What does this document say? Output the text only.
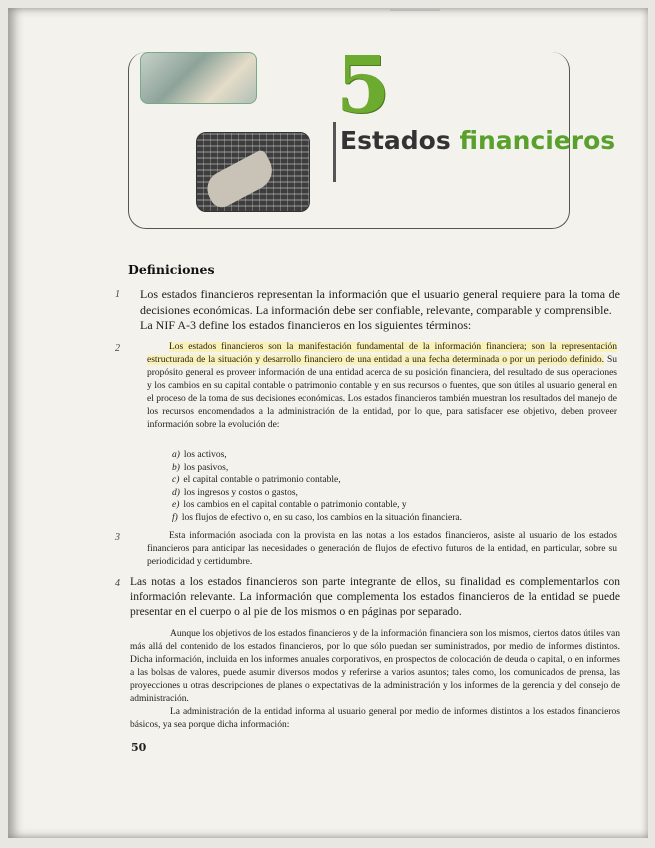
5
Estados financieros
Definiciones
1 Los estados financieros representan la información que el usuario general requiere para la toma de decisiones económicas. La información debe ser confiable, relevante, comparable y comprensible.
La NIF A-3 define los estados financieros en los siguientes términos:
2	Los estados financieros son la manifestación fundamental de la información financiera; son la representación estructurada de la situación y desarrollo financiero de una entidad a una fecha determinada o por un periodo definido. Su propósito general es proveer información de una entidad acerca de su posición financiera, del resultado de sus operaciones y los cambios en su capital contable o patrimonio contable y en sus recursos o fuentes, que son útiles al usuario general en el proceso de la toma de sus decisiones económicas. Los estados financieros también muestran los resultados del manejo de los recursos encomendados a la administración de la entidad, por lo que, para satisfacer ese objetivo, deben proveer información sobre la evolución de:
a) los activos,
b) los pasivos,
c) el capital contable o patrimonio contable,
d) los ingresos y costos o gastos,
e) los cambios en el capital contable o patrimonio contable, y
f) los flujos de efectivo o, en su caso, los cambios en la situación financiera.
3	Esta información asociada con la provista en las notas a los estados financieros, asiste al usuario de los estados financieros para anticipar las necesidades o generación de flujos de efectivo futuros de la entidad, en particular, sobre su periodicidad y certidumbre.
4 Las notas a los estados financieros son parte integrante de ellos, su finalidad es complementarlos con información relevante. La información que complementa los estados financieros de la entidad se puede presentar en el cuerpo o al pie de los mismos o en páginas por separado.
Aunque los objetivos de los estados financieros y de la información financiera son los mismos, ciertos datos útiles van más allá del contenido de los estados financieros, por lo que sólo puedan ser suministrados, por medio de informes distintos. Dicha información, incluida en los informes anuales corporativos, en prospectos de colocación de deuda o capital, o en informes a las bolsas de valores, puede asumir diversos modos y referirse a varios asuntos; tales como, los comunicados de prensa, las proyecciones u otras descripciones de planes o expectativas de la administración y los informes de la gerencia y del consejo de administración.
La administración de la entidad informa al usuario general por medio de informes distintos a los estados financieros básicos, ya sea porque dicha información:
50
